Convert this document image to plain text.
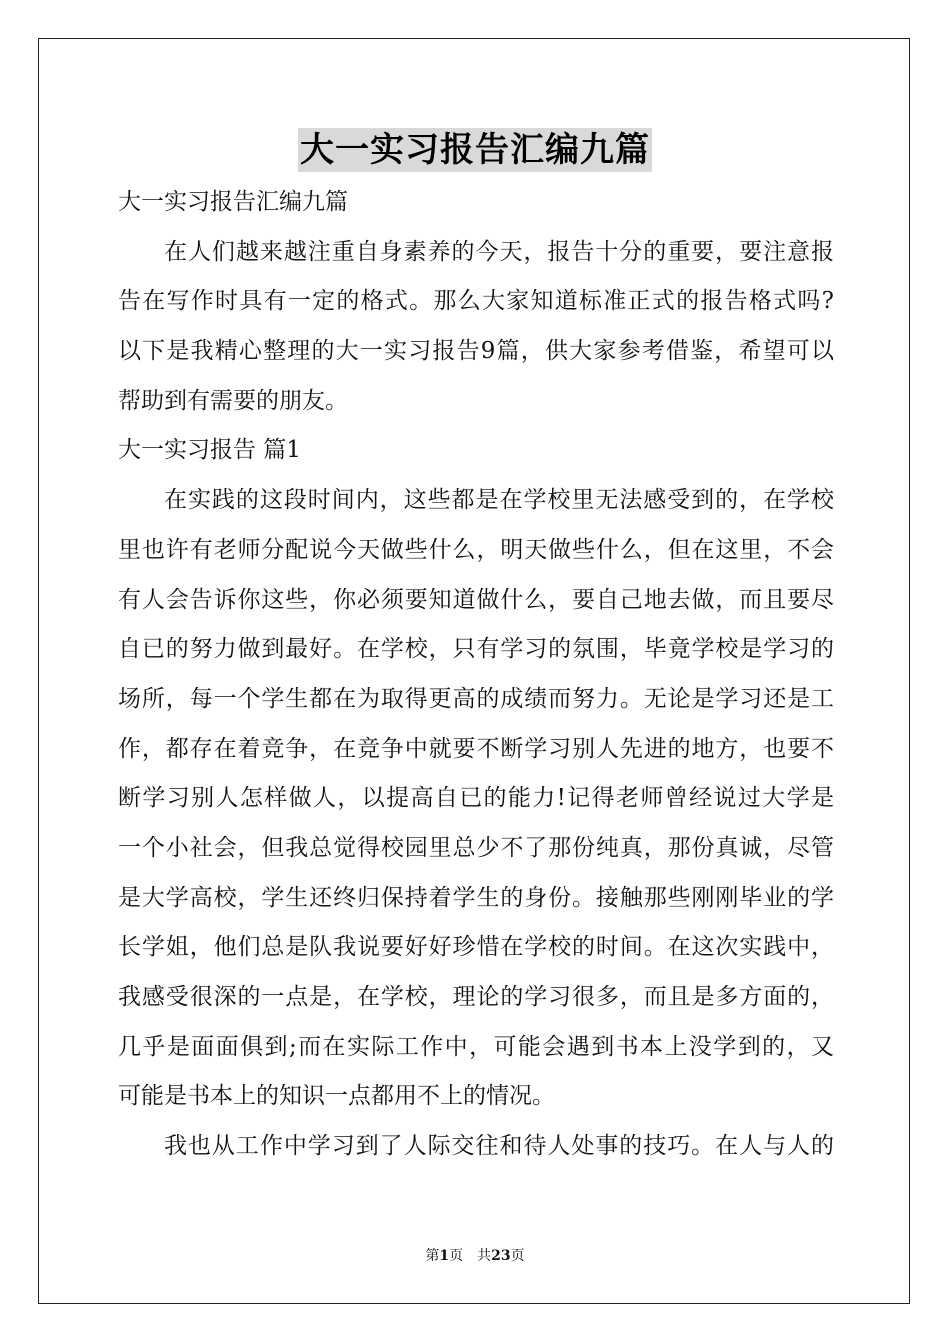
大一实习报告汇编九篇
大一实习报告汇编九篇
在人们越来越注重自身素养的今天，报告十分的重要，要注意报
告在写作时具有一定的格式。那么大家知道标准正式的报告格式吗?
以下是我精心整理的大一实习报告9篇，供大家参考借鉴，希望可以
帮助到有需要的朋友。
大一实习报告 篇1
在实践的这段时间内，这些都是在学校里无法感受到的，在学校
里也许有老师分配说今天做些什么，明天做些什么，但在这里，不会
有人会告诉你这些，你必须要知道做什么，要自己地去做，而且要尽
自已的努力做到最好。在学校，只有学习的氛围，毕竟学校是学习的
场所，每一个学生都在为取得更高的成绩而努力。无论是学习还是工
作，都存在着竞争，在竞争中就要不断学习别人先进的地方，也要不
断学习别人怎样做人，以提高自已的能力!记得老师曾经说过大学是
一个小社会，但我总觉得校园里总少不了那份纯真，那份真诚，尽管
是大学高校，学生还终归保持着学生的身份。接触那些刚刚毕业的学
长学姐，他们总是队我说要好好珍惜在学校的时间。在这次实践中，
我感受很深的一点是，在学校，理论的学习很多，而且是多方面的，
几乎是面面俱到;而在实际工作中，可能会遇到书本上没学到的，又
可能是书本上的知识一点都用不上的情况。
我也从工作中学习到了人际交往和待人处事的技巧。在人与人的
第1页 共23页
